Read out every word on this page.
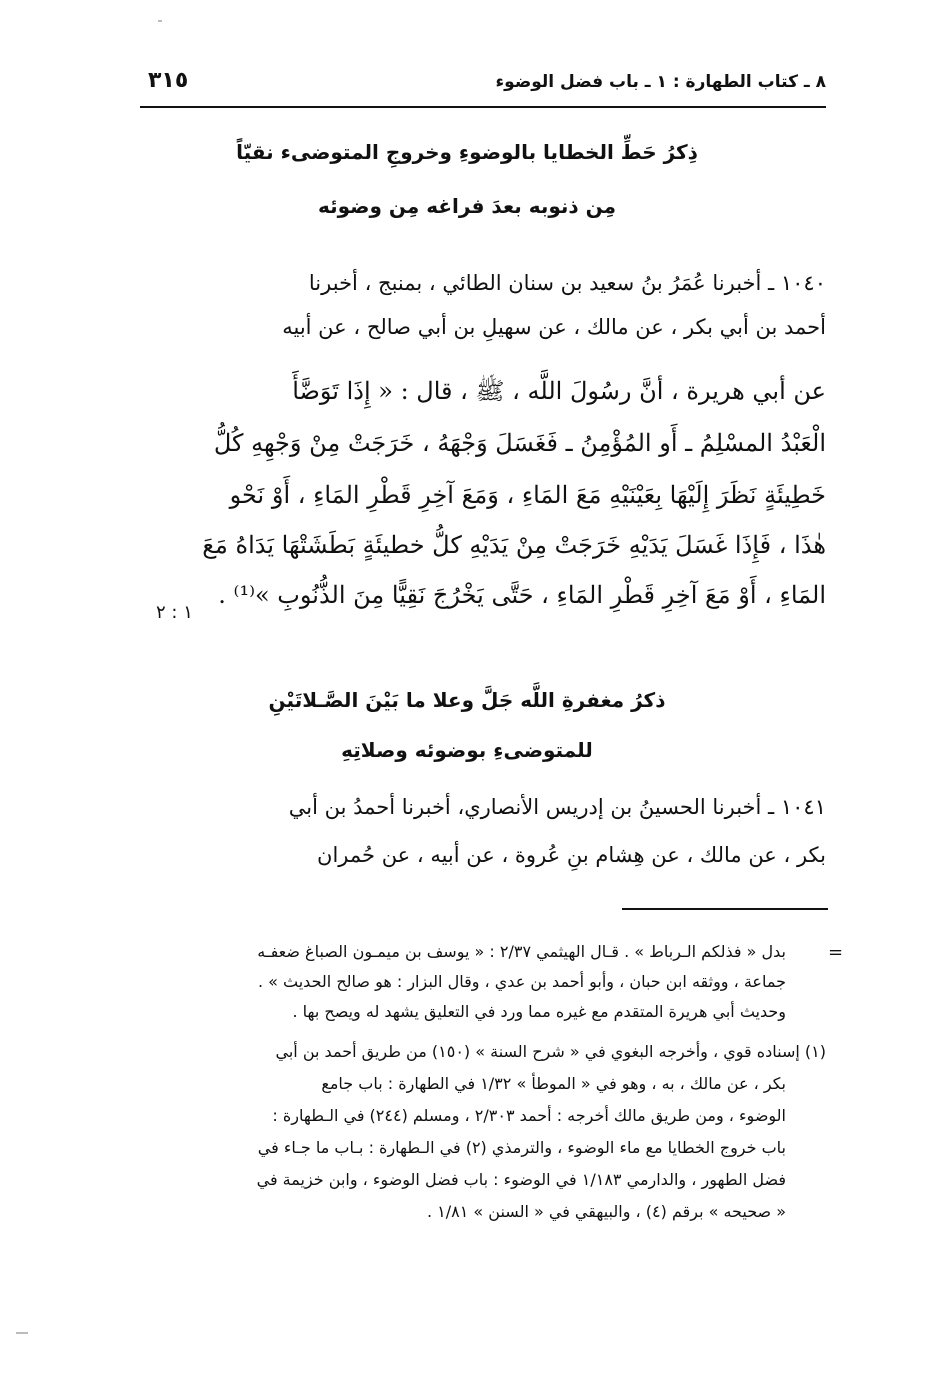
٨ ـ كتاب الطهارة : ١ ـ باب فضل الوضوء
٣١٥
ذِكرُ حَطِّ الخطايا بالوضوءِ وخروجِ المتوضىء نقيّاً
مِن ذنوبه بعدَ فراغه مِن وضوئه
١٠٤٠ ـ أخبرنا عُمَرُ بنُ سعيد بن سنان الطائي ، بمنبج ، أخبرنا
أحمد بن أبي بكر ، عن مالك ، عن سهيلِ بن أبي صالح ، عن أبيه
عن أبي هريرة ، أنَّ رسُولَ اللَّه ، ﷺ ، قال : « إِذَا تَوَضَّأَ
الْعَبْدُ المسْلِمُ ـ أَو المُؤْمِنُ ـ فَغَسَلَ وَجْهَهُ ، خَرَجَتْ مِنْ وَجْهِهِ كُلُّ
خَطِيئَةٍ نَظَرَ إِلَيْهَا بِعَيْنَيْهِ مَعَ المَاءِ ، وَمَعَ آخِرِ قَطْرِ المَاءِ ، أَوْ نَحْو
هٰذَا ، فَإِذَا غَسَلَ يَدَيْهِ خَرَجَتْ مِنْ يَدَيْهِ كلُّ خطيئَةٍ بَطَشَتْهَا يَدَاهُ مَعَ
المَاءِ ، أَوْ مَعَ آخِرِ قَطْرِ المَاءِ ، حَتَّى يَخْرُجَ نَقِيًّا مِنَ الذُّنُوبِ »⁽¹⁾ .
١ : ٢
ذكرُ مغفرةِ اللَّه جَلَّ وعلا ما بَيْنَ الصَّـلاتَيْنِ
للمتوضىءِ بوضوئه وصلاتِهِ
١٠٤١ ـ أخبرنا الحسينُ بن إدريس الأنصاري، أخبرنا أحمدُ بن أبي
بكر ، عن مالك ، عن هِشام بنِ عُروة ، عن أبيه ، عن حُمران
=
بدل « فذلكم الـرباط » . قـال الهيثمي ٢/٣٧ : « يوسف بن ميمـون الصباغ ضعفـه
جماعة ، ووثقه ابن حبان ، وأبو أحمد بن عدي ، وقال البزار : هو صالح الحديث » .
وحديث أبي هريرة المتقدم مع غيره مما ورد في التعليق يشهد له ويصح بها .
(١) إسناده قوي ، وأخرجه البغوي في « شرح السنة » (١٥٠) من طريق أحمد بن أبي
بكر ، عن مالك ، به ، وهو في « الموطأ » ١/٣٢ في الطهارة : باب جامع
الوضوء ، ومن طريق مالك أخرجه : أحمد ٢/٣٠٣ ، ومسلم (٢٤٤) في الـطهارة :
باب خروج الخطايا مع ماء الوضوء ، والترمذي (٢) في الـطهارة : بـاب ما جـاء في
فضل الطهور ، والدارمي ١/١٨٣ في الوضوء : باب فضل الوضوء ، وابن خزيمة في
« صحيحه » برقم (٤) ، والبيهقي في « السنن » ١/٨١ .
